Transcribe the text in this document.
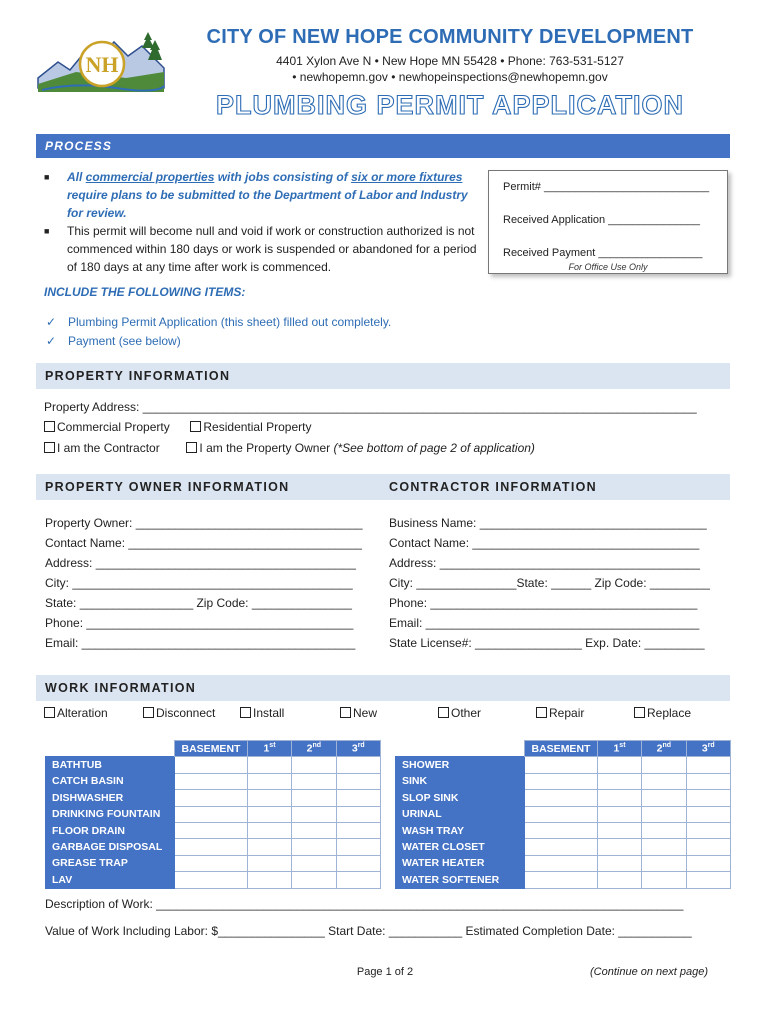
NH
CITY OF NEW HOPE COMMUNITY DEVELOPMENT
4401 Xylon Ave N • New Hope MN 55428 • Phone: 763-531-5127
• newhopemn.gov • newhopeinspections@newhopemn.gov
PLUMBING PERMIT APPLICATION
PROCESS
■	All commercial properties with jobs consisting of six or more fixtures require plans to be submitted to the Department of Labor and Industry for review.
■	This permit will become null and void if work or construction authorized is not commenced within 180 days or work is suspended or abandoned for a period of 180 days at any time after work is commenced.
Permit# ___________________________
Received Application _______________
Received Payment _________________
For Office Use Only
INCLUDE THE FOLLOWING ITEMS:
✓ Plumbing Permit Application (this sheet) filled out completely.
✓ Payment (see below)
PROPERTY INFORMATION
Property Address: ___________________________________________________________________________________
Commercial Property	Residential Property
I am the Contractor	I am the Property Owner (*See bottom of page 2 of application)
PROPERTY OWNER INFORMATION	CONTRACTOR INFORMATION
Property Owner: __________________________________
Contact Name: ___________________________________
Address: _______________________________________
City: __________________________________________
State: _________________ Zip Code: _______________
Phone: ________________________________________
Email: _________________________________________
Business Name: __________________________________
Contact Name: __________________________________
Address: _______________________________________
City: _______________State: ______ Zip Code: _________
Phone: ________________________________________
Email: _________________________________________
State License#: ________________ Exp. Date: _________
WORK INFORMATION
Alteration	Disconnect	Install	New	Other	Repair	Replace
	BASEMENT	1st	2nd	3rd
BATHTUB				
CATCH BASIN				
DISHWASHER				
DRINKING FOUNTAIN				
FLOOR DRAIN				
GARBAGE DISPOSAL				
GREASE TRAP				
LAV				
	BASEMENT	1st	2nd	3rd
SHOWER				
SINK				
SLOP SINK				
URINAL				
WASH TRAY				
WATER CLOSET				
WATER HEATER				
WATER SOFTENER				
Description of Work: _______________________________________________________________________________
Value of Work Including Labor: $________________ Start Date: ___________ Estimated Completion Date: ___________
Page 1 of 2	(Continue on next page)
